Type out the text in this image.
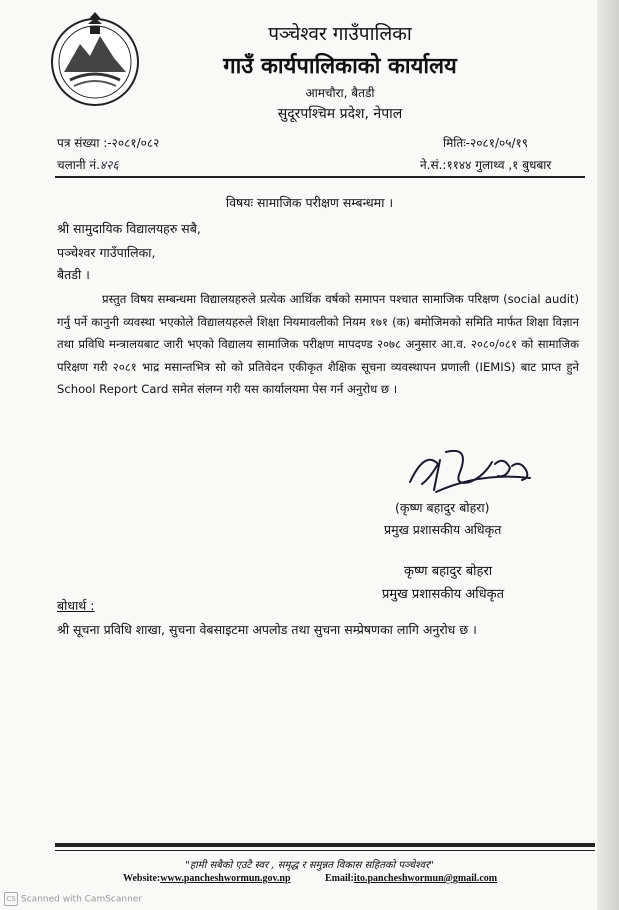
पञ्चेश्वर गाउँपालिका
गाउँ कार्यपालिकाको कार्यालय
आमचौरा, बैतडी
सुदूरपश्चिम प्रदेश, नेपाल
पत्र संख्या :-२०८१/०८२
चलानी नं.४२६
मितिः-२०८१/०५/१९
ने.सं.:११४४ गुलाथ्व ,१ बुधबार
विषयः सामाजिक परीक्षण सम्बन्धमा ।
श्री सामुदायिक विद्यालयहरु सबै,
पञ्चेश्वर गाउँपालिका,
बैतडी ।
प्रस्तुत विषय सम्बन्धमा विद्यालयहरुले प्रत्येक आर्थिक वर्षको समापन पश्चात सामाजिक परिक्षण (social audit) गर्नु पर्ने कानुनी व्यवस्था भएकोले विद्यालयहरुले शिक्षा नियमावलीको नियम १७१ (क) बमोजिमको समिति मार्फत शिक्षा विज्ञान तथा प्रविधि मन्त्रालयबाट जारी भएको विद्यालय सामाजिक परीक्षण मापदण्ड २०७८ अनुसार आ.व. २०८०/०८१ को सामाजिक परिक्षण गरी २०८१ भाद्र मसान्तभित्र सो को प्रतिवेदन एकीकृत शैक्षिक सूचना व्यवस्थापन प्रणाली (IEMIS) बाट प्राप्त हुने School Report Card समेत संलग्न गरी यस कार्यालयमा पेस गर्न अनुरोध छ ।
(कृष्ण बहादुर बोहरा)
प्रमुख प्रशासकीय अधिकृत
कृष्ण बहादुर बोहरा
प्रमुख प्रशासकीय अधिकृत
बोधार्थ :
श्री सूचना प्रविधि शाखा, सुचना वेबसाइटमा अपलोड तथा सुचना सम्प्रेषणका लागि अनुरोध छ ।
"हामी सबैको एउटै स्वर , समृद्ध र समुन्नत विकास सहितको पञ्चेश्वर"
Website:www.pancheshwormun.gov.np	Email:ito.pancheshwormun@gmail.com
CS Scanned with CamScanner
